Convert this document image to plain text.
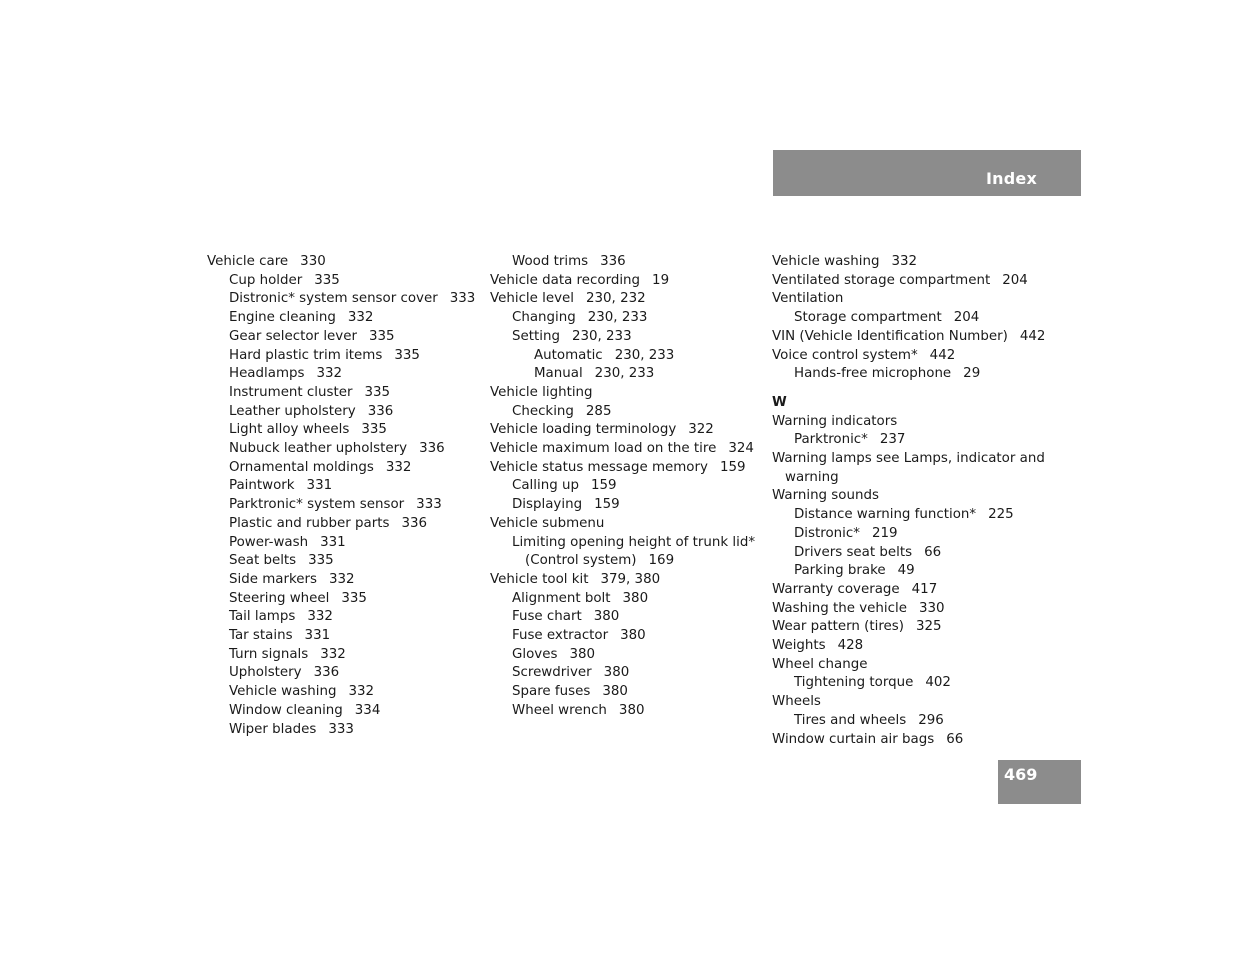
Index
Vehicle care 330
Cup holder 335
Distronic* system sensor cover 333
Engine cleaning 332
Gear selector lever 335
Hard plastic trim items 335
Headlamps 332
Instrument cluster 335
Leather upholstery 336
Light alloy wheels 335
Nubuck leather upholstery 336
Ornamental moldings 332
Paintwork 331
Parktronic* system sensor 333
Plastic and rubber parts 336
Power-wash 331
Seat belts 335
Side markers 332
Steering wheel 335
Tail lamps 332
Tar stains 331
Turn signals 332
Upholstery 336
Vehicle washing 332
Window cleaning 334
Wiper blades 333
Wood trims 336
Vehicle data recording 19
Vehicle level 230, 232
Changing 230, 233
Setting 230, 233
Automatic 230, 233
Manual 230, 233
Vehicle lighting
Checking 285
Vehicle loading terminology 322
Vehicle maximum load on the tire 324
Vehicle status message memory 159
Calling up 159
Displaying 159
Vehicle submenu
Limiting opening height of trunk lid*
(Control system) 169
Vehicle tool kit 379, 380
Alignment bolt 380
Fuse chart 380
Fuse extractor 380
Gloves 380
Screwdriver 380
Spare fuses 380
Wheel wrench 380
Vehicle washing 332
Ventilated storage compartment 204
Ventilation
Storage compartment 204
VIN (Vehicle Identification Number) 442
Voice control system* 442
Hands-free microphone 29
W
Warning indicators
Parktronic* 237
Warning lamps see Lamps, indicator and
warning
Warning sounds
Distance warning function* 225
Distronic* 219
Drivers seat belts 66
Parking brake 49
Warranty coverage 417
Washing the vehicle 330
Wear pattern (tires) 325
Weights 428
Wheel change
Tightening torque 402
Wheels
Tires and wheels 296
Window curtain air bags 66
469
